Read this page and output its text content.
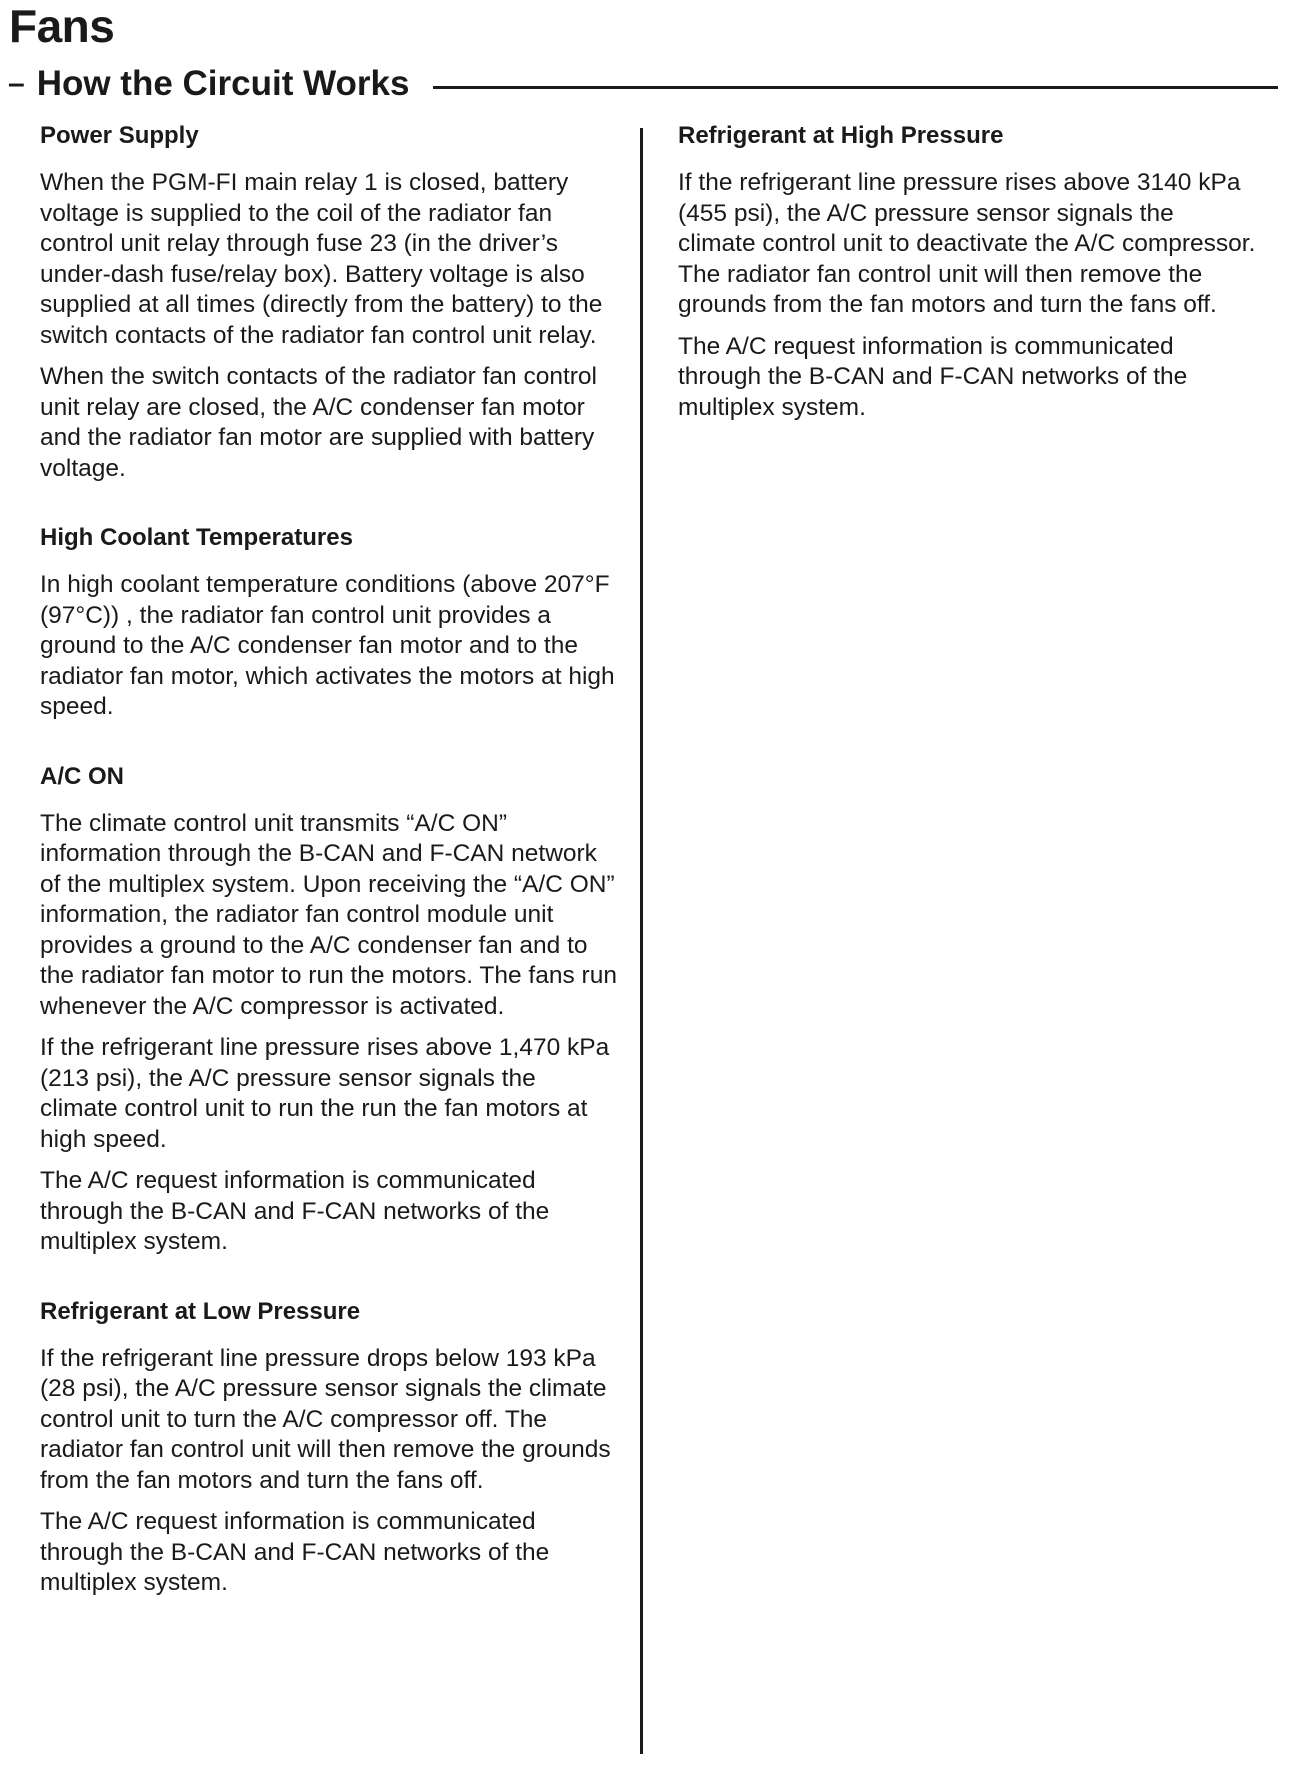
Fans
– How the Circuit Works
Power Supply

When the PGM-FI main relay 1 is closed, battery voltage is supplied to the coil of the radiator fan control unit relay through fuse 23 (in the driver’s under-dash fuse/relay box). Battery voltage is also supplied at all times (directly from the battery) to the switch contacts of the radiator fan control unit relay.

When the switch contacts of the radiator fan control unit relay are closed, the A/C condenser fan motor and the radiator fan motor are supplied with battery voltage.

High Coolant Temperatures

In high coolant temperature conditions (above 207°F (97°C)) , the radiator fan control unit provides a ground to the A/C condenser fan motor and to the radiator fan motor, which activates the motors at high speed.

A/C ON

The climate control unit transmits “A/C ON” information through the B-CAN and F-CAN network of the multiplex system. Upon receiving the “A/C ON” information, the radiator fan control module unit provides a ground to the A/C condenser fan and to the radiator fan motor to run the motors. The fans run whenever the A/C compressor is activated.

If the refrigerant line pressure rises above 1,470 kPa (213 psi), the A/C pressure sensor signals the climate control unit to run the run the fan motors at high speed.

The A/C request information is communicated through the B-CAN and F-CAN networks of the multiplex system.

Refrigerant at Low Pressure

If the refrigerant line pressure drops below 193 kPa (28 psi), the A/C pressure sensor signals the climate control unit to turn the A/C compressor off. The radiator fan control unit will then remove the grounds from the fan motors and turn the fans off.

The A/C request information is communicated through the B-CAN and F-CAN networks of the multiplex system.

Refrigerant at High Pressure

If the refrigerant line pressure rises above 3140 kPa (455 psi), the A/C pressure sensor signals the climate control unit to deactivate the A/C compressor. The radiator fan control unit will then remove the grounds from the fan motors and turn the fans off.

The A/C request information is communicated through the B-CAN and F-CAN networks of the multiplex system.
